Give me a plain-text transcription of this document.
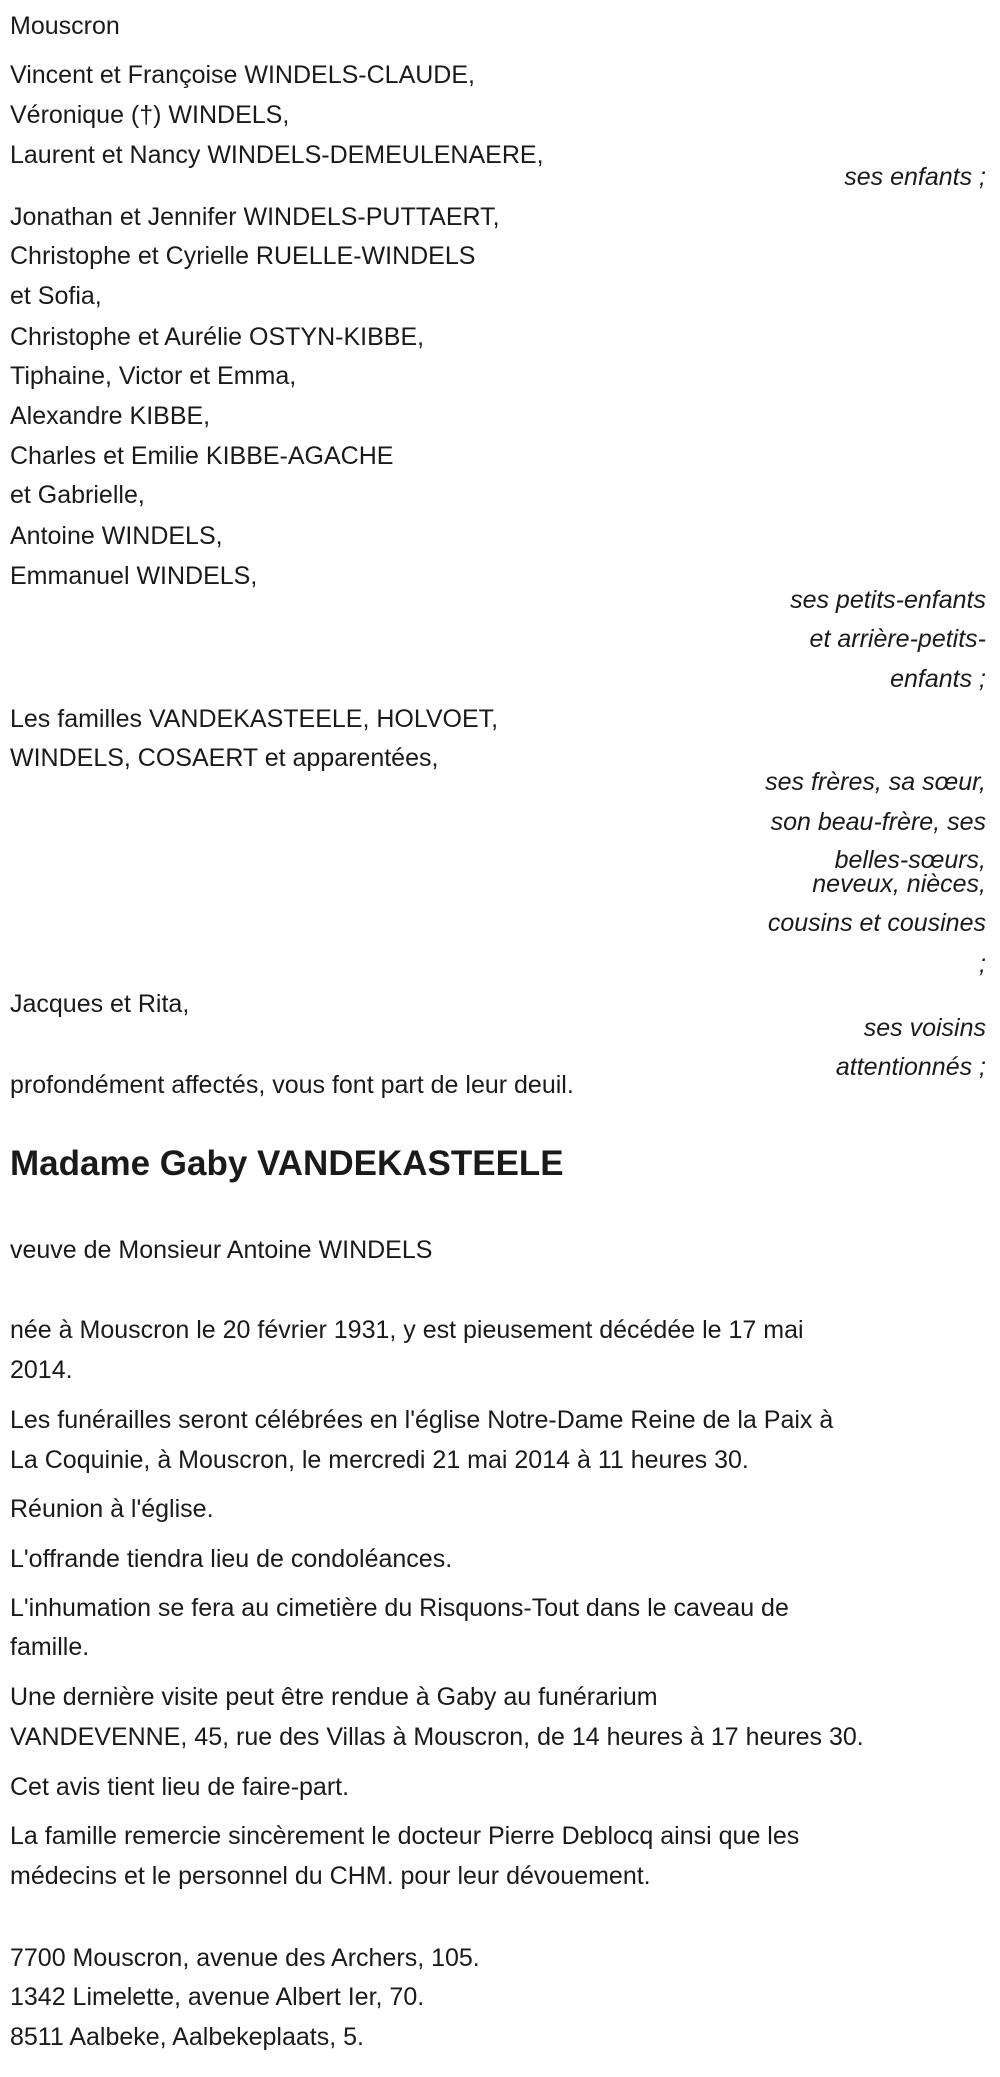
Mouscron
Vincent et Françoise WINDELS-CLAUDE,
Véronique (†) WINDELS,
Laurent et Nancy WINDELS-DEMEULENAERE,
ses enfants ;
Jonathan et Jennifer WINDELS-PUTTAERT,
Christophe et Cyrielle RUELLE-WINDELS
et Sofia,
Christophe et Aurélie OSTYN-KIBBE,
Tiphaine, Victor et Emma,
Alexandre KIBBE,
Charles et Emilie KIBBE-AGACHE
et Gabrielle,
Antoine WINDELS,
Emmanuel WINDELS,
ses petits-enfants
et arrière-petits-
enfants ;
Les familles VANDEKASTEELE, HOLVOET,
WINDELS, COSAERT et apparentées,
ses frères, sa sœur,
son beau-frère, ses
belles-sœurs,
neveux, nièces,
cousins et cousines
;
Jacques et Rita,
ses voisins
attentionnés ;
profondément affectés, vous font part de leur deuil.
Madame Gaby VANDEKASTEELE
veuve de Monsieur Antoine WINDELS
née à Mouscron le 20 février 1931, y est pieusement décédée le 17 mai
2014.
Les funérailles seront célébrées en l'église Notre-Dame Reine de la Paix à
La Coquinie, à Mouscron, le mercredi 21 mai 2014 à 11 heures 30.
Réunion à l'église.
L'offrande tiendra lieu de condoléances.
L'inhumation se fera au cimetière du Risquons-Tout dans le caveau de
famille.
Une dernière visite peut être rendue à Gaby au funérarium
VANDEVENNE, 45, rue des Villas à Mouscron, de 14 heures à 17 heures 30.
Cet avis tient lieu de faire-part.
La famille remercie sincèrement le docteur Pierre Deblocq ainsi que les
médecins et le personnel du CHM. pour leur dévouement.
7700 Mouscron, avenue des Archers, 105.
1342 Limelette, avenue Albert Ier, 70.
8511 Aalbeke, Aalbekeplaats, 5.
